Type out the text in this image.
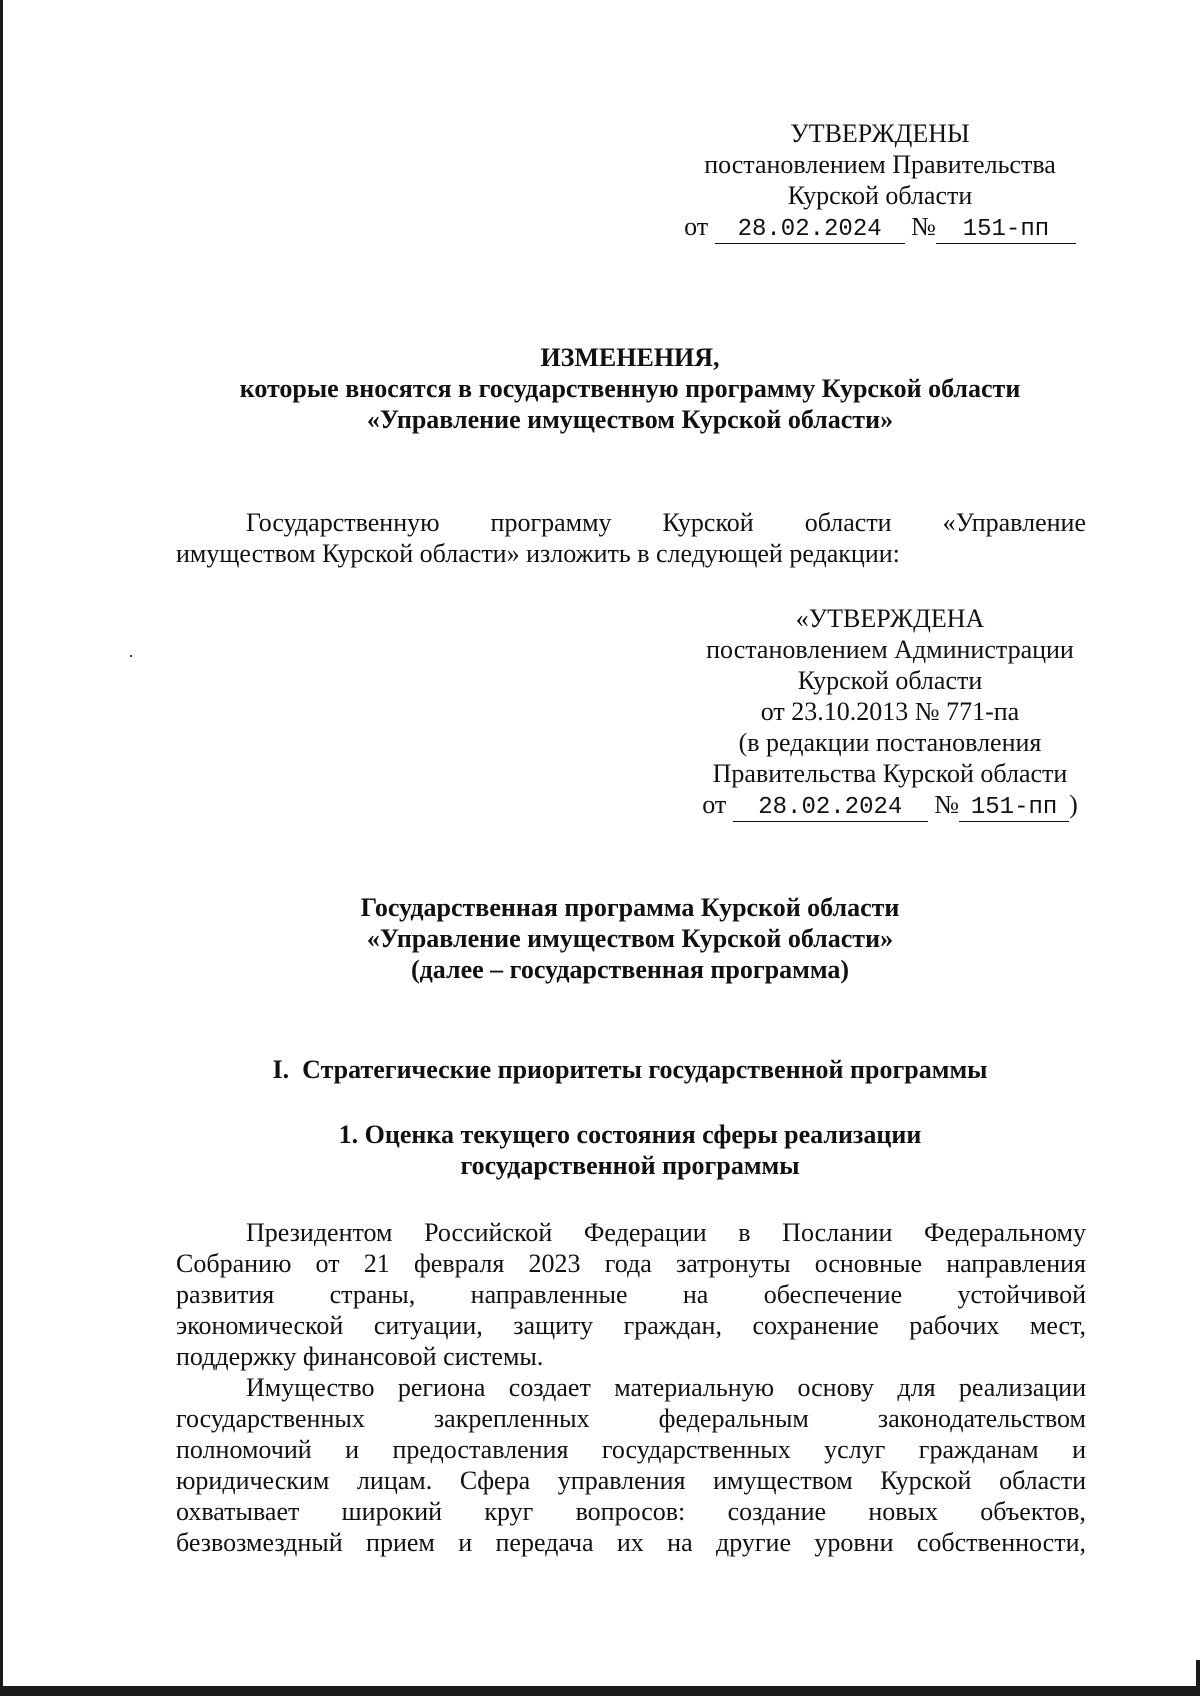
УТВЕРЖДЕНЫ
постановлением Правительства
Курской области
от 28.02.2024 № 151-пп
ИЗМЕНЕНИЯ,
которые вносятся в государственную программу Курской области
«Управление имуществом Курской области»
Государственную программу Курской области «Управление
имуществом Курской области» изложить в следующей редакции:
«УТВЕРЖДЕНА
постановлением Администрации
Курской области
от 23.10.2013 № 771-па
(в редакции постановления
Правительства Курской области
от 28.02.2024 № 151-пп )
Государственная программа Курской области
«Управление имуществом Курской области»
(далее – государственная программа)
I.  Стратегические приоритеты государственной программы
1. Оценка текущего состояния сферы реализации
государственной программы
Президентом Российской Федерации в Послании Федеральному
Собранию от 21 февраля 2023 года затронуты основные направления
развития страны, направленные на обеспечение устойчивой
экономической ситуации, защиту граждан, сохранение рабочих мест,
поддержку финансовой системы.
Имущество региона создает материальную основу для реализации
государственных	закрепленных	федеральным	законодательством
полномочий и предоставления государственных услуг гражданам и
юридическим лицам. Сфера управления имуществом Курской области
охватывает широкий круг вопросов: создание новых объектов,
безвозмездный прием и передача их на другие уровни собственности,
